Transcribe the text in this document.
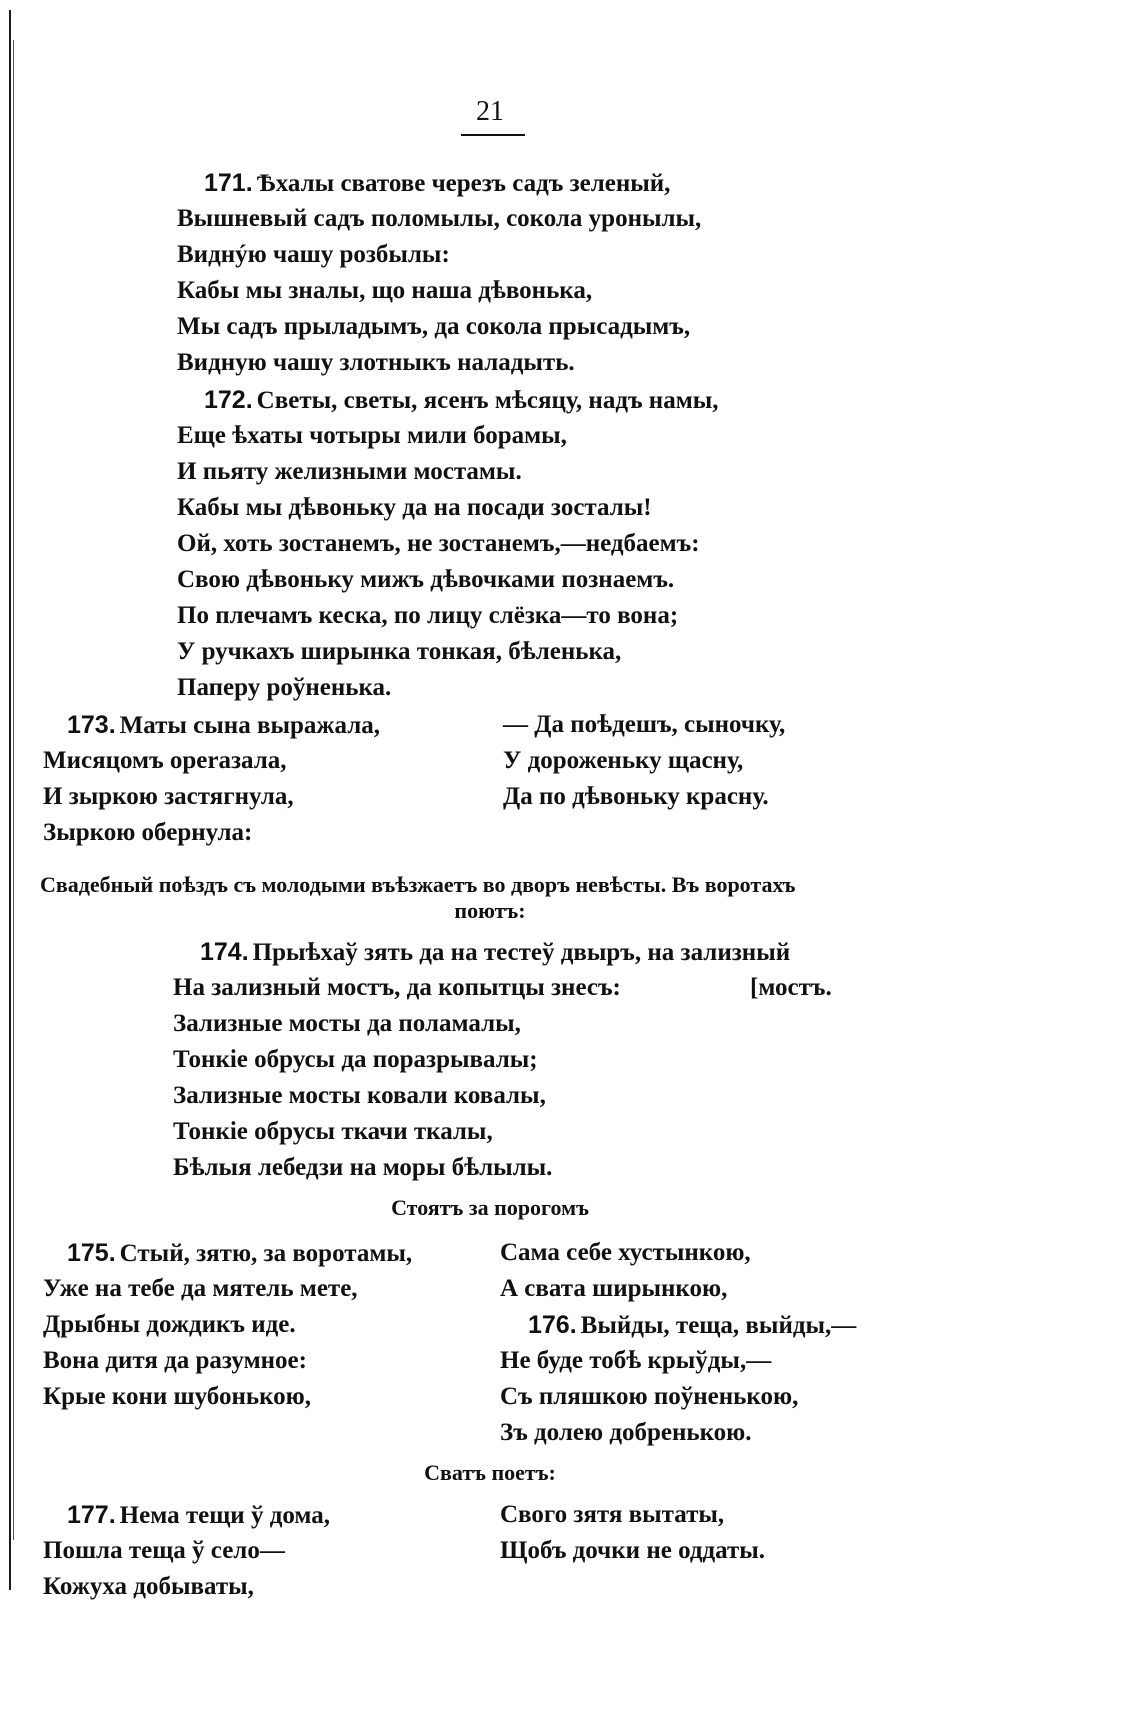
21
171. Ѣхалы сватове черезъ садъ зеленый,
Вышневый садъ поломылы, сокола уронылы,
Виднýю чашу розбылы:
Кабы мы зналы, що наша дѣвонька,
Мы садъ прыладымъ, да сокола прысадымъ,
Видную чашу злотныкъ наладыть.
172. Светы, светы, ясенъ мѣсяцу, надъ намы,
Еще ѣхаты чотыры мили борамы,
И пьяту желизными мостамы.
Кабы мы дѣвоньку да на посади зосталы!
Ой, хоть зостанемъ, не зостанемъ,—недбаемъ:
Свою дѣвоньку мижъ дѣвочками познаемъ.
По плечамъ кеска, по лицу слёзка—то вона;
У ручкахъ ширынка тонкая, бѣленька,
Паперу роўненька.
173. Маты сына выражала,
Мисяцомъ operазала,
И зыркою застягнула,
Зыркою обернула:
— Да поѣдешъ, сыночку,
У дороженьку щасну,
Да по дѣвоньку красну.
Свадебный поѣздъ съ молодыми въѣзжаетъ во дворъ невѣсты. Въ воротахъ
поютъ:
174. Прыѣхаў зять да на тестеў двыръ, на зализный
На зализный мостъ, да копытцы знесъ:	[мостъ.
Зализные мосты да поламалы,
Тонкіе обрусы да поразрывалы;
Зализные мосты ковали ковалы,
Тонкіе обрусы ткачи ткалы,
Бѣлыя лебедзи на моры бѣлылы.
Стоятъ за порогомъ
175. Стый, зятю, за воротамы,
Уже на тебе да мятель мете,
Дрыбны дождикъ иде.
Вона дитя да разумное:
Крые кони шубонькою,
Сама себе хустынкою,
А свата ширынкою,
176. Выйды, теща, выйды,—
Не буде тобѣ крыўды,—
Съ пляшкою поўненькою,
Зъ долею добренькою.
Сватъ поетъ:
177. Нема тещи ў дома,
Пошла теща ў село—
Кожуха добываты,
Свого зятя вытаты,
Щобъ дочки не оддаты.
